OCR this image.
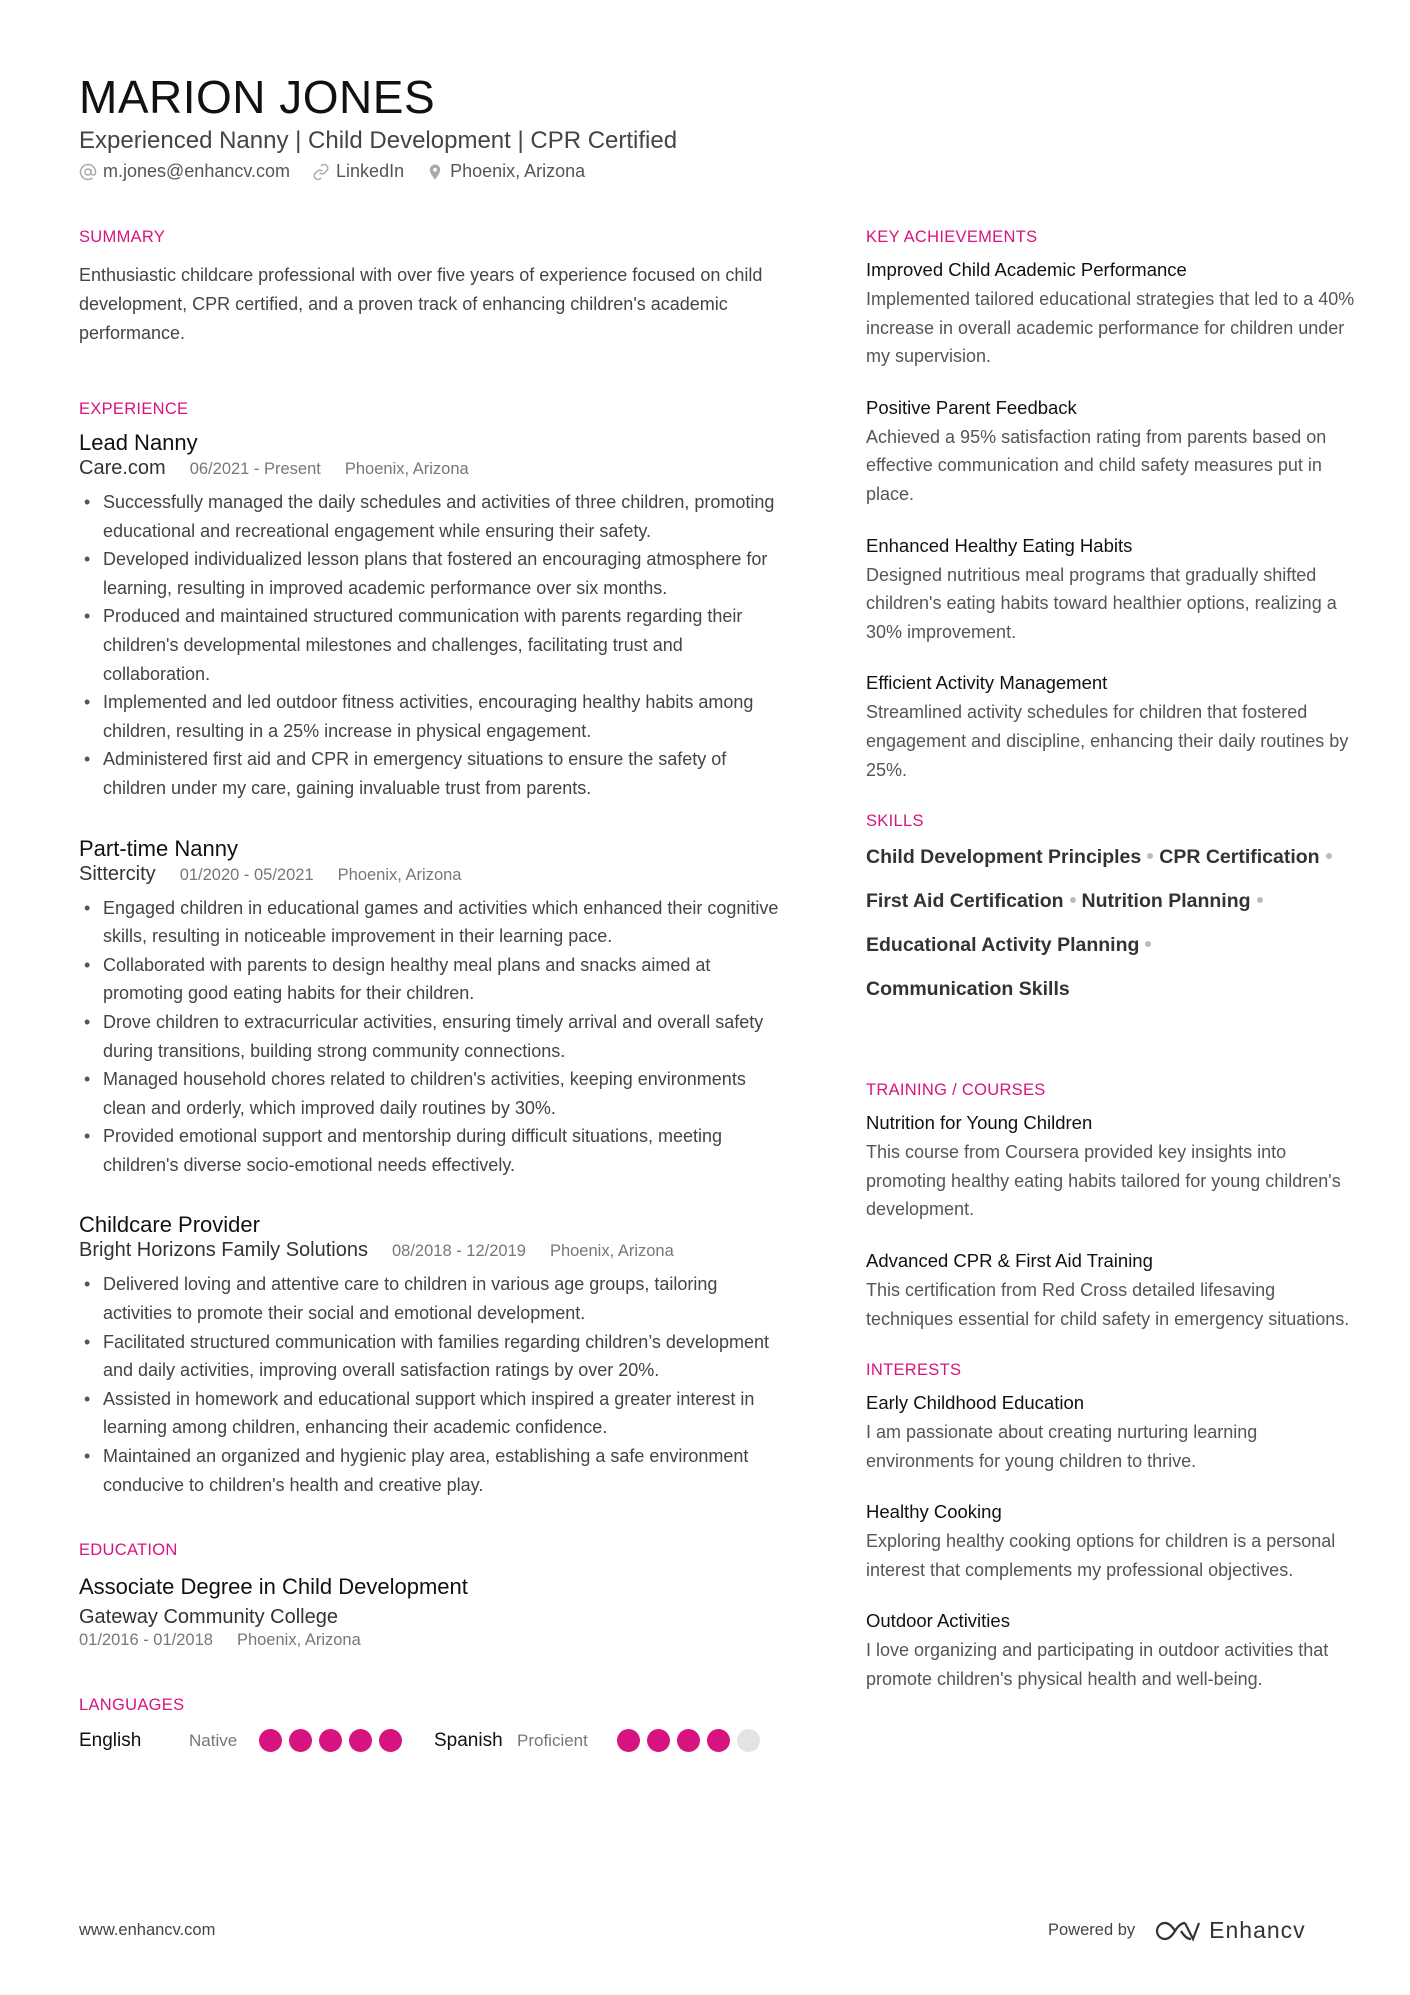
MARION JONES
Experienced Nanny | Child Development | CPR Certified
m.jones@enhancv.com	LinkedIn	Phoenix, Arizona
SUMMARY

Enthusiastic childcare professional with over five years of experience focused on child development, CPR certified, and a proven track of enhancing children's academic performance.

EXPERIENCE
Lead Nanny
Care.com 06/2021 - Present Phoenix, Arizona
• Successfully managed the daily schedules and activities of three children, promoting educational and recreational engagement while ensuring their safety.
• Developed individualized lesson plans that fostered an encouraging atmosphere for learning, resulting in improved academic performance over six months.
• Produced and maintained structured communication with parents regarding their children's developmental milestones and challenges, facilitating trust and collaboration.
• Implemented and led outdoor fitness activities, encouraging healthy habits among children, resulting in a 25% increase in physical engagement.
• Administered first aid and CPR in emergency situations to ensure the safety of children under my care, gaining invaluable trust from parents.
Part-time Nanny
Sittercity 01/2020 - 05/2021 Phoenix, Arizona
• Engaged children in educational games and activities which enhanced their cognitive skills, resulting in noticeable improvement in their learning pace.
• Collaborated with parents to design healthy meal plans and snacks aimed at promoting good eating habits for their children.
• Drove children to extracurricular activities, ensuring timely arrival and overall safety during transitions, building strong community connections.
• Managed household chores related to children's activities, keeping environments clean and orderly, which improved daily routines by 30%.
• Provided emotional support and mentorship during difficult situations, meeting children's diverse socio-emotional needs effectively.
Childcare Provider
Bright Horizons Family Solutions 08/2018 - 12/2019 Phoenix, Arizona
• Delivered loving and attentive care to children in various age groups, tailoring activities to promote their social and emotional development.
• Facilitated structured communication with families regarding children’s development and daily activities, improving overall satisfaction ratings by over 20%.
• Assisted in homework and educational support which inspired a greater interest in learning among children, enhancing their academic confidence.
• Maintained an organized and hygienic play area, establishing a safe environment conducive to children's health and creative play.
EDUCATION
Associate Degree in Child Development
Gateway Community College
01/2016 - 01/2018 Phoenix, Arizona
LANGUAGES
English	Native	Spanish Proficient
KEY ACHIEVEMENTS
Improved Child Academic Performance
Implemented tailored educational strategies that led to a 40% increase in overall academic performance for children under my supervision.
Positive Parent Feedback
Achieved a 95% satisfaction rating from parents based on effective communication and child safety measures put in place.
Enhanced Healthy Eating Habits
Designed nutritious meal programs that gradually shifted children's eating habits toward healthier options, realizing a 30% improvement.
Efficient Activity Management
Streamlined activity schedules for children that fostered engagement and discipline, enhancing their daily routines by 25%.
SKILLS
Child Development Principles CPR Certification
First Aid Certification Nutrition Planning
Educational Activity Planning
Communication Skills
TRAINING / COURSES
Nutrition for Young Children
This course from Coursera provided key insights into promoting healthy eating habits tailored for young children's development.
Advanced CPR & First Aid Training
This certification from Red Cross detailed lifesaving techniques essential for child safety in emergency situations.
INTERESTS
Early Childhood Education
I am passionate about creating nurturing learning environments for young children to thrive.
Healthy Cooking
Exploring healthy cooking options for children is a personal interest that complements my professional objectives.
Outdoor Activities
I love organizing and participating in outdoor activities that promote children's physical health and well-being.
www.enhancv.com	Powered by	Enhancv
